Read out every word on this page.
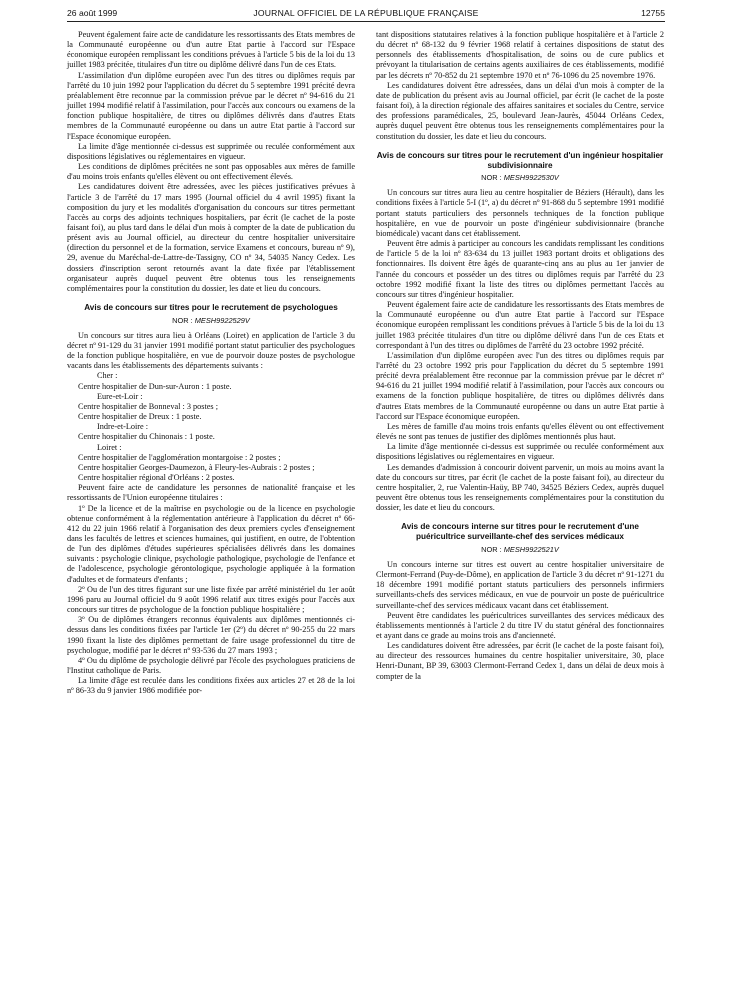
26 août 1999	JOURNAL OFFICIEL DE LA RÉPUBLIQUE FRANÇAISE	12755

Peuvent également faire acte de candidature les ressortissants des Etats membres de la Communauté européenne ou d'un autre Etat partie à l'accord sur l'Espace économique européen remplissant les conditions prévues à l'article 5 bis de la loi du 13 juillet 1983 précitée, titulaires d'un titre ou diplôme délivré dans l'un de ces Etats.

L'assimilation d'un diplôme européen avec l'un des titres ou diplômes requis par l'arrêté du 10 juin 1992 pour l'application du décret du 5 septembre 1991 précité devra préalablement être reconnue par la commission prévue par le décret nº 94-616 du 21 juillet 1994 modifié relatif à l'assimilation, pour l'accès aux concours ou examens de la fonction publique hospitalière, de titres ou diplômes délivrés dans d'autres Etats membres de la Communauté européenne ou dans un autre Etat partie à l'accord sur l'Espace économique européen.

La limite d'âge mentionnée ci-dessus est supprimée ou reculée conformément aux dispositions législatives ou réglementaires en vigueur.

Les conditions de diplômes précitées ne sont pas opposables aux mères de famille d'au moins trois enfants qu'elles élèvent ou ont effectivement élevés.

Les candidatures doivent être adressées, avec les pièces justificatives prévues à l'article 3 de l'arrêté du 17 mars 1995 (Journal officiel du 4 avril 1995) fixant la composition du jury et les modalités d'organisation du concours sur titres permettant l'accès au corps des adjoints techniques hospitaliers, par écrit (le cachet de la poste faisant foi), au plus tard dans le délai d'un mois à compter de la date de publication du présent avis au Journal officiel, au directeur du centre hospitalier universitaire (direction du personnel et de la formation, service Examens et concours, bureau nº 9), 29, avenue du Maréchal-de-Lattre-de-Tassigny, CO nº 34, 54035 Nancy Cedex. Les dossiers d'inscription seront retournés avant la date fixée par l'établissement organisateur auprès duquel peuvent être obtenus tous les renseignements complémentaires pour la constitution du dossier, les date et lieu du concours.

Avis de concours sur titres pour le recrutement de psychologues
NOR : MESH9922529V

Un concours sur titres aura lieu à Orléans (Loiret) en application de l'article 3 du décret nº 91-129 du 31 janvier 1991 modifié portant statut particulier des psychologues de la fonction publique hospitalière, en vue de pourvoir douze postes de psychologue vacants dans les établissements des départements suivants :

Cher :

Centre hospitalier de Dun-sur-Auron : 1 poste.

Eure-et-Loir :

Centre hospitalier de Bonneval : 3 postes ;

Centre hospitalier de Dreux : 1 poste.

Indre-et-Loire :

Centre hospitalier du Chinonais : 1 poste.

Loiret :

Centre hospitalier de l'agglomération montargoise : 2 postes ;

Centre hospitalier Georges-Daumezon, à Fleury-les-Aubrais : 2 postes ;

Centre hospitalier régional d'Orléans : 2 postes.

Peuvent faire acte de candidature les personnes de nationalité française et les ressortissants de l'Union européenne titulaires :

1º De la licence et de la maîtrise en psychologie ou de la licence en psychologie obtenue conformément à la réglementation antérieure à l'application du décret nº 66-412 du 22 juin 1966 relatif à l'organisation des deux premiers cycles d'enseignement dans les facultés de lettres et sciences humaines, qui justifient, en outre, de l'obtention de l'un des diplômes d'études supérieures spécialisées délivrés dans les domaines suivants : psychologie clinique, psychologie pathologique, psychologie de l'enfance et de l'adolescence, psychologie gérontologique, psychologie appliquée à la formation d'adultes et de formateurs d'enfants ;

2º Ou de l'un des titres figurant sur une liste fixée par arrêté ministériel du 1er août 1996 paru au Journal officiel du 9 août 1996 relatif aux titres exigés pour l'accès aux concours sur titres de psychologue de la fonction publique hospitalière ;

3º Ou de diplômes étrangers reconnus équivalents aux diplômes mentionnés ci-dessus dans les conditions fixées par l'article 1er (2º) du décret nº 90-255 du 22 mars 1990 fixant la liste des diplômes permettant de faire usage professionnel du titre de psychologue, modifié par le décret nº 93-536 du 27 mars 1993 ;

4º Ou du diplôme de psychologie délivré par l'école des psychologues praticiens de l'Institut catholique de Paris.

La limite d'âge est reculée dans les conditions fixées aux articles 27 et 28 de la loi nº 86-33 du 9 janvier 1986 modifiée por-

tant dispositions statutaires relatives à la fonction publique hospitalière et à l'article 2 du décret nº 68-132 du 9 février 1968 relatif à certaines dispositions de statut des personnels des établissements d'hospitalisation, de soins ou de cure publics et prévoyant la titularisation de certains agents auxiliaires de ces établissements, modifié par les décrets nº 70-852 du 21 septembre 1970 et nº 76-1096 du 25 novembre 1976.

Les candidatures doivent être adressées, dans un délai d'un mois à compter de la date de publication du présent avis au Journal officiel, par écrit (le cachet de la poste faisant foi), à la direction régionale des affaires sanitaires et sociales du Centre, service des professions paramédicales, 25, boulevard Jean-Jaurès, 45044 Orléans Cedex, auprès duquel peuvent être obtenus tous les renseignements complémentaires pour la constitution du dossier, les date et lieu du concours.

Avis de concours sur titres pour le recrutement d'un ingénieur hospitalier subdivisionnaire
NOR : MESH9922530V

Un concours sur titres aura lieu au centre hospitalier de Béziers (Hérault), dans les conditions fixées à l'article 5-I (1º, a) du décret nº 91-868 du 5 septembre 1991 modifié portant statuts particuliers des personnels techniques de la fonction publique hospitalière, en vue de pourvoir un poste d'ingénieur subdivisionnaire (branche biomédicale) vacant dans cet établissement.

Peuvent être admis à participer au concours les candidats remplissant les conditions de l'article 5 de la loi nº 83-634 du 13 juillet 1983 portant droits et obligations des fonctionnaires. Ils doivent être âgés de quarante-cinq ans au plus au 1er janvier de l'année du concours et posséder un des titres ou diplômes requis par l'arrêté du 23 octobre 1992 modifié fixant la liste des titres ou diplômes permettant l'accès au concours sur titres d'ingénieur hospitalier.

Peuvent également faire acte de candidature les ressortissants des Etats membres de la Communauté européenne ou d'un autre Etat partie à l'accord sur l'Espace économique européen remplissant les conditions prévues à l'article 5 bis de la loi du 13 juillet 1983 précitée titulaires d'un titre ou diplôme délivré dans l'un de ces Etats et correspondant à l'un des titres ou diplômes de l'arrêté du 23 octobre 1992 précité.

L'assimilation d'un diplôme européen avec l'un des titres ou diplômes requis par l'arrêté du 23 octobre 1992 pris pour l'application du décret du 5 septembre 1991 précité devra préalablement être reconnue par la commission prévue par le décret nº 94-616 du 21 juillet 1994 modifié relatif à l'assimilation, pour l'accès aux concours ou examens de la fonction publique hospitalière, de titres ou diplômes délivrés dans d'autres Etats membres de la Communauté européenne ou dans un autre Etat partie à l'accord sur l'Espace économique européen.

Les mères de famille d'au moins trois enfants qu'elles élèvent ou ont effectivement élevés ne sont pas tenues de justifier des diplômes mentionnés plus haut.

La limite d'âge mentionnée ci-dessus est supprimée ou reculée conformément aux dispositions législatives ou réglementaires en vigueur.

Les demandes d'admission à concourir doivent parvenir, un mois au moins avant la date du concours sur titres, par écrit (le cachet de la poste faisant foi), au directeur du centre hospitalier, 2, rue Valentin-Haüy, BP 740, 34525 Béziers Cedex, auprès duquel peuvent être obtenus tous les renseignements complémentaires pour la constitution du dossier, les date et lieu du concours.

Avis de concours interne sur titres pour le recrutement d'une puéricultrice surveillante-chef des services médicaux
NOR : MESH9922521V

Un concours interne sur titres est ouvert au centre hospitalier universitaire de Clermont-Ferrand (Puy-de-Dôme), en application de l'article 3 du décret nº 91-1271 du 18 décembre 1991 modifié portant statuts particuliers des personnels infirmiers surveillants-chefs des services médicaux, en vue de pourvoir un poste de puéricultrice surveillante-chef des services médicaux vacant dans cet établissement.

Peuvent être candidates les puéricultrices surveillantes des services médicaux des établissements mentionnés à l'article 2 du titre IV du statut général des fonctionnaires et ayant dans ce grade au moins trois ans d'ancienneté.

Les candidatures doivent être adressées, par écrit (le cachet de la poste faisant foi), au directeur des ressources humaines du centre hospitalier universitaire, 30, place Henri-Dunant, BP 39, 63003 Clermont-Ferrand Cedex 1, dans un délai de deux mois à compter de la
